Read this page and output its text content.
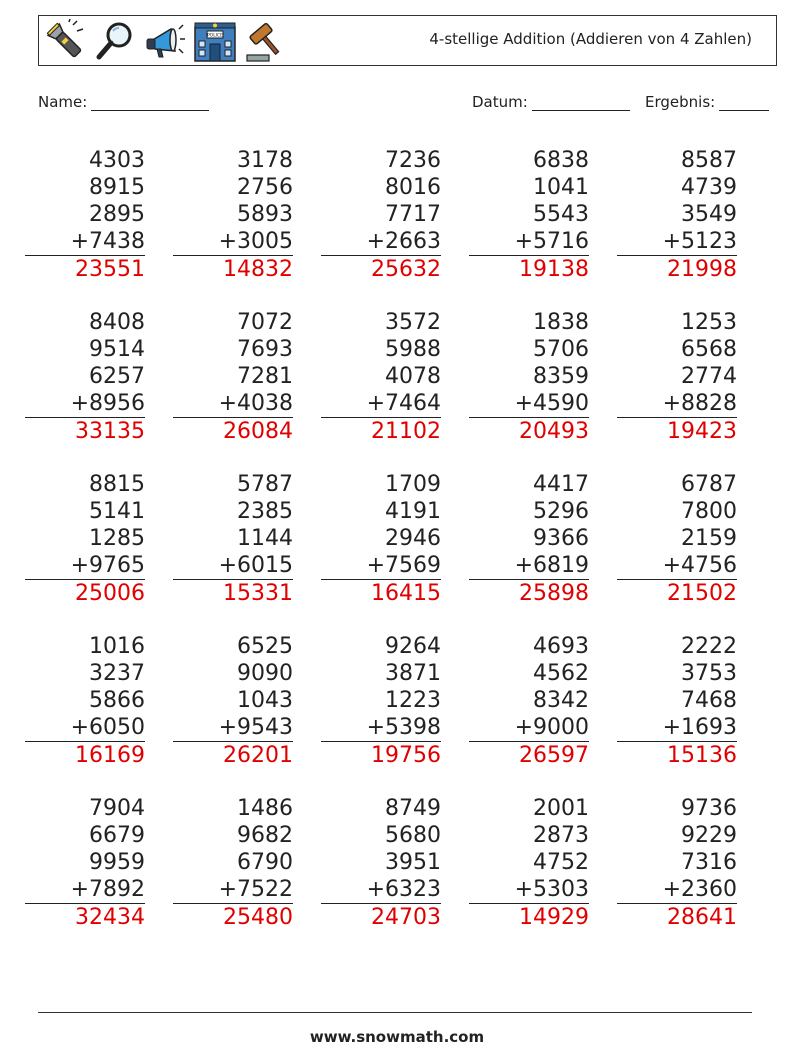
POLICE	4-stellige Addition (Addieren von 4 Zahlen)
Name:	Datum:	Ergebnis:
4303
8915
2895
+7438
23551
3178
2756
5893
+3005
14832
7236
8016
7717
+2663
25632
6838
1041
5543
+5716
19138
8587
4739
3549
+5123
21998
8408
9514
6257
+8956
33135
7072
7693
7281
+4038
26084
3572
5988
4078
+7464
21102
1838
5706
8359
+4590
20493
1253
6568
2774
+8828
19423
8815
5141
1285
+9765
25006
5787
2385
1144
+6015
15331
1709
4191
2946
+7569
16415
4417
5296
9366
+6819
25898
6787
7800
2159
+4756
21502
1016
3237
5866
+6050
16169
6525
9090
1043
+9543
26201
9264
3871
1223
+5398
19756
4693
4562
8342
+9000
26597
2222
3753
7468
+1693
15136
7904
6679
9959
+7892
32434
1486
9682
6790
+7522
25480
8749
5680
3951
+6323
24703
2001
2873
4752
+5303
14929
9736
9229
7316
+2360
28641
www.snowmath.com
